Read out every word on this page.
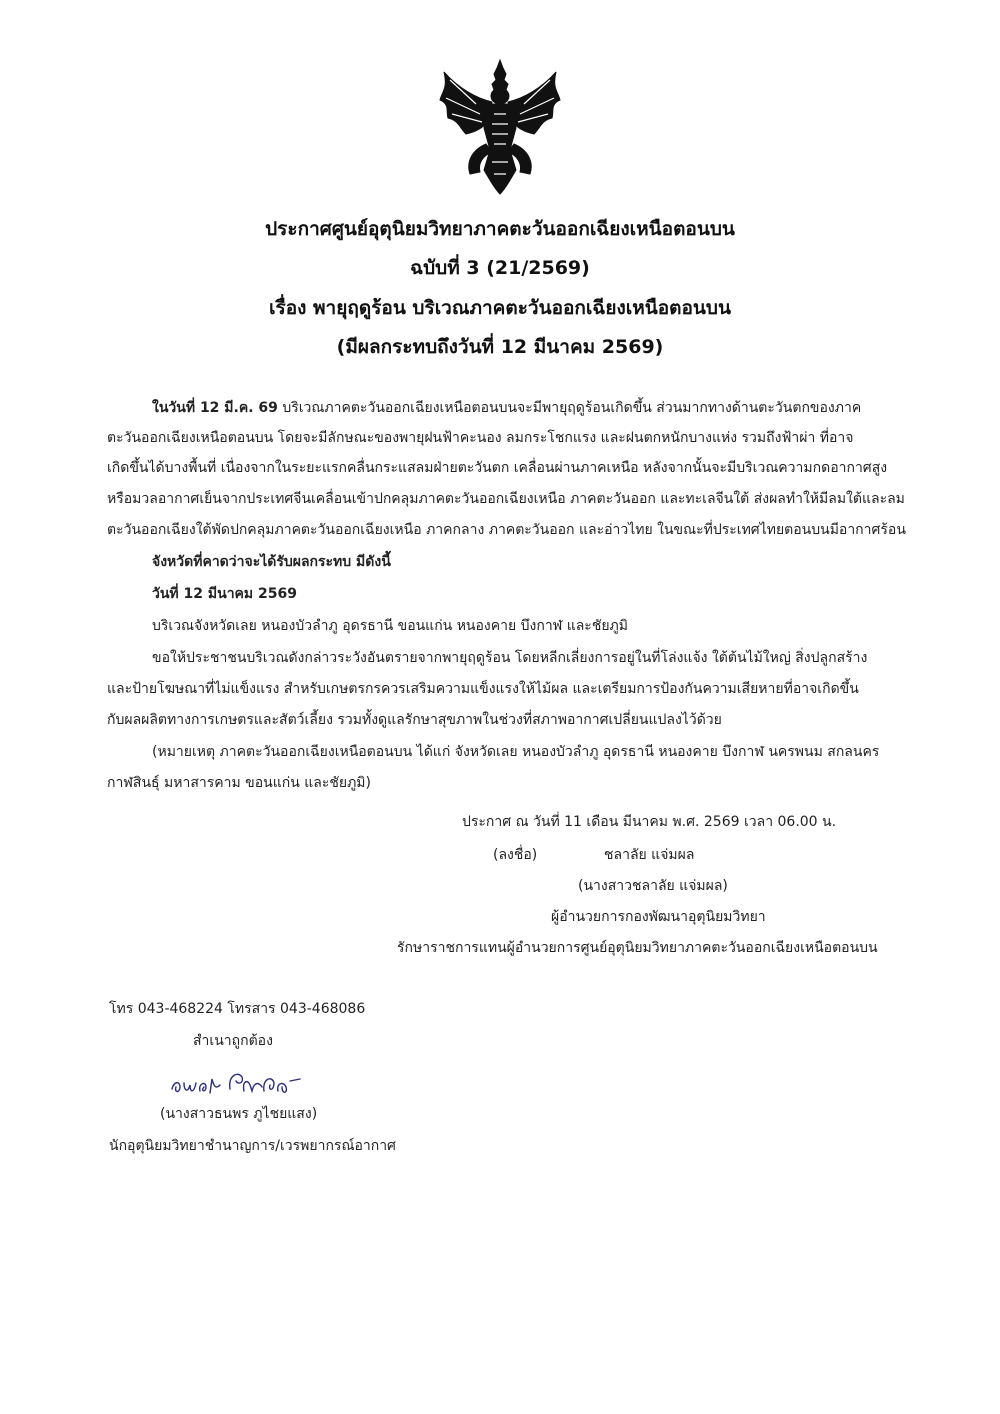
ประกาศศูนย์อุตุนิยมวิทยาภาคตะวันออกเฉียงเหนือตอนบน
ฉบับที่ 3 (21/2569)
เรื่อง พายุฤดูร้อน บริเวณภาคตะวันออกเฉียงเหนือตอนบน
(มีผลกระทบถึงวันที่ 12 มีนาคม 2569)
ในวันที่ 12 มี.ค. 69 บริเวณภาคตะวันออกเฉียงเหนือตอนบนจะมีพายุฤดูร้อนเกิดขึ้น ส่วนมากทางด้านตะวันตกของภาค
ตะวันออกเฉียงเหนือตอนบน โดยจะมีลักษณะของพายุฝนฟ้าคะนอง ลมกระโชกแรง และฝนตกหนักบางแห่ง รวมถึงฟ้าผ่า ที่อาจ
เกิดขึ้นได้บางพื้นที่ เนื่องจากในระยะแรกคลื่นกระแสลมฝ่ายตะวันตก เคลื่อนผ่านภาคเหนือ หลังจากนั้นจะมีบริเวณความกดอากาศสูง
หรือมวลอากาศเย็นจากประเทศจีนเคลื่อนเข้าปกคลุมภาคตะวันออกเฉียงเหนือ ภาคตะวันออก และทะเลจีนใต้ ส่งผลทำให้มีลมใต้และลม
ตะวันออกเฉียงใต้พัดปกคลุมภาคตะวันออกเฉียงเหนือ ภาคกลาง ภาคตะวันออก และอ่าวไทย ในขณะที่ประเทศไทยตอนบนมีอากาศร้อน
จังหวัดที่คาดว่าจะได้รับผลกระทบ มีดังนี้
วันที่ 12 มีนาคม 2569
บริเวณจังหวัดเลย หนองบัวลำภู อุดรธานี ขอนแก่น หนองคาย บึงกาฬ และชัยภูมิ
ขอให้ประชาชนบริเวณดังกล่าวระวังอันตรายจากพายุฤดูร้อน โดยหลีกเลี่ยงการอยู่ในที่โล่งแจ้ง ใต้ต้นไม้ใหญ่ สิ่งปลูกสร้าง
และป้ายโฆษณาที่ไม่แข็งแรง สำหรับเกษตรกรควรเสริมความแข็งแรงให้ไม้ผล และเตรียมการป้องกันความเสียหายที่อาจเกิดขึ้น
กับผลผลิตทางการเกษตรและสัตว์เลี้ยง รวมทั้งดูแลรักษาสุขภาพในช่วงที่สภาพอากาศเปลี่ยนแปลงไว้ด้วย
(หมายเหตุ ภาคตะวันออกเฉียงเหนือตอนบน ได้แก่ จังหวัดเลย หนองบัวลำภู อุดรธานี หนองคาย บึงกาฬ นครพนม สกลนคร
กาฬสินธุ์ มหาสารคาม ขอนแก่น และชัยภูมิ)
ประกาศ ณ วันที่ 11 เดือน มีนาคม พ.ศ. 2569 เวลา 06.00 น.
(ลงชื่อ)	ชลาลัย แจ่มผล
(นางสาวชลาลัย แจ่มผล)
ผู้อำนวยการกองพัฒนาอุตุนิยมวิทยา
รักษาราชการแทนผู้อำนวยการศูนย์อุตุนิยมวิทยาภาคตะวันออกเฉียงเหนือตอนบน
โทร 043-468224 โทรสาร 043-468086
สำเนาถูกต้อง
(นางสาวธนพร ภูไชยแสง)
นักอุตุนิยมวิทยาชำนาญการ/เวรพยากรณ์อากาศ
